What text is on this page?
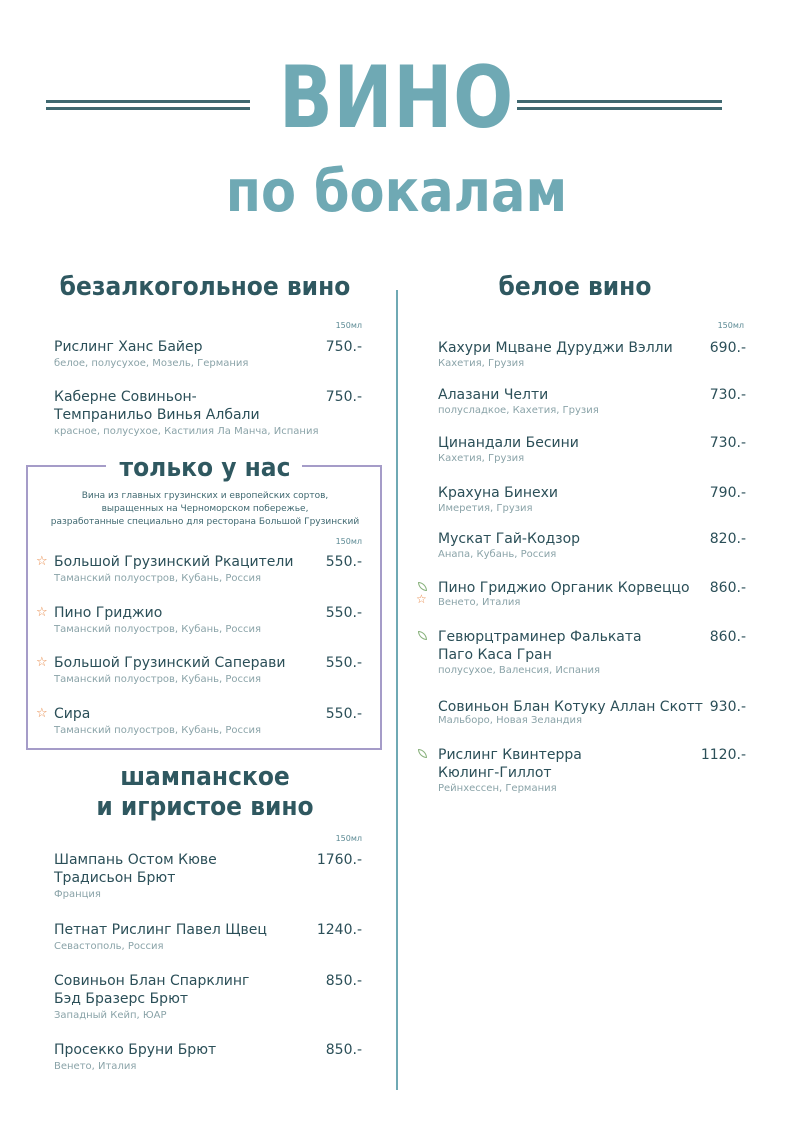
ВИНО
по бокалам
безалкогольное вино
150мл
Рислинг Ханс Байер	750.-
белое, полусухое, Мозель, Германия
Каберне Совиньон-
Темпранильо Винья Албали
750.-
красное, полусухое, Кастилия Ла Манча, Испания
только у нас
Вина из главных грузинских и европейских сортов,
выращенных на Черноморском побережье,
разработанные специально для ресторана Большой Грузинский
150мл
☆ Большой Грузинский Ркацители 550.-
Таманский полуостров, Кубань, Россия
☆ Пино Гриджио	550.-
Таманский полуостров, Кубань, Россия
☆ Большой Грузинский Саперави	550.-
Таманский полуостров, Кубань, Россия
☆ Сира	550.-
Таманский полуостров, Кубань, Россия
шампанское
и игристое вино
150мл
Шампань Остом Кюве
Традисьон Брют
1760.-
Франция
Петнат Рислинг Павел Щвец	1240.-
Севастополь, Россия
Совиньон Блан Спарклинг
Бэд Бразерс Брют
850.-
Западный Кейп, ЮАР
Просекко Бруни Брют	850.-
Венето, Италия
белое вино
150мл
Кахури Мцване Дуруджи Вэлли	690.-
Кахетия, Грузия
Алазани Челти	730.-
полусладкое, Кахетия, Грузия
Цинандали Бесини	730.-
Кахетия, Грузия
Крахуна Бинехи	790.-
Имеретия, Грузия
Мускат Гай-Кодзор	820.-
Анапа, Кубань, Россия
☆
Пино Гриджио Органик Корвеццо 860.-
Венето, Италия
Гевюрцтраминер Фальката
Паго Каса Гран
860.-
полусухое, Валенсия, Испания
Совиньон Блан Котуку Аллан Скотт 930.-
Мальборо, Новая Зеландия
Рислинг Квинтерра
Кюлинг-Гиллот
1120.-
Рейнхессен, Германия
